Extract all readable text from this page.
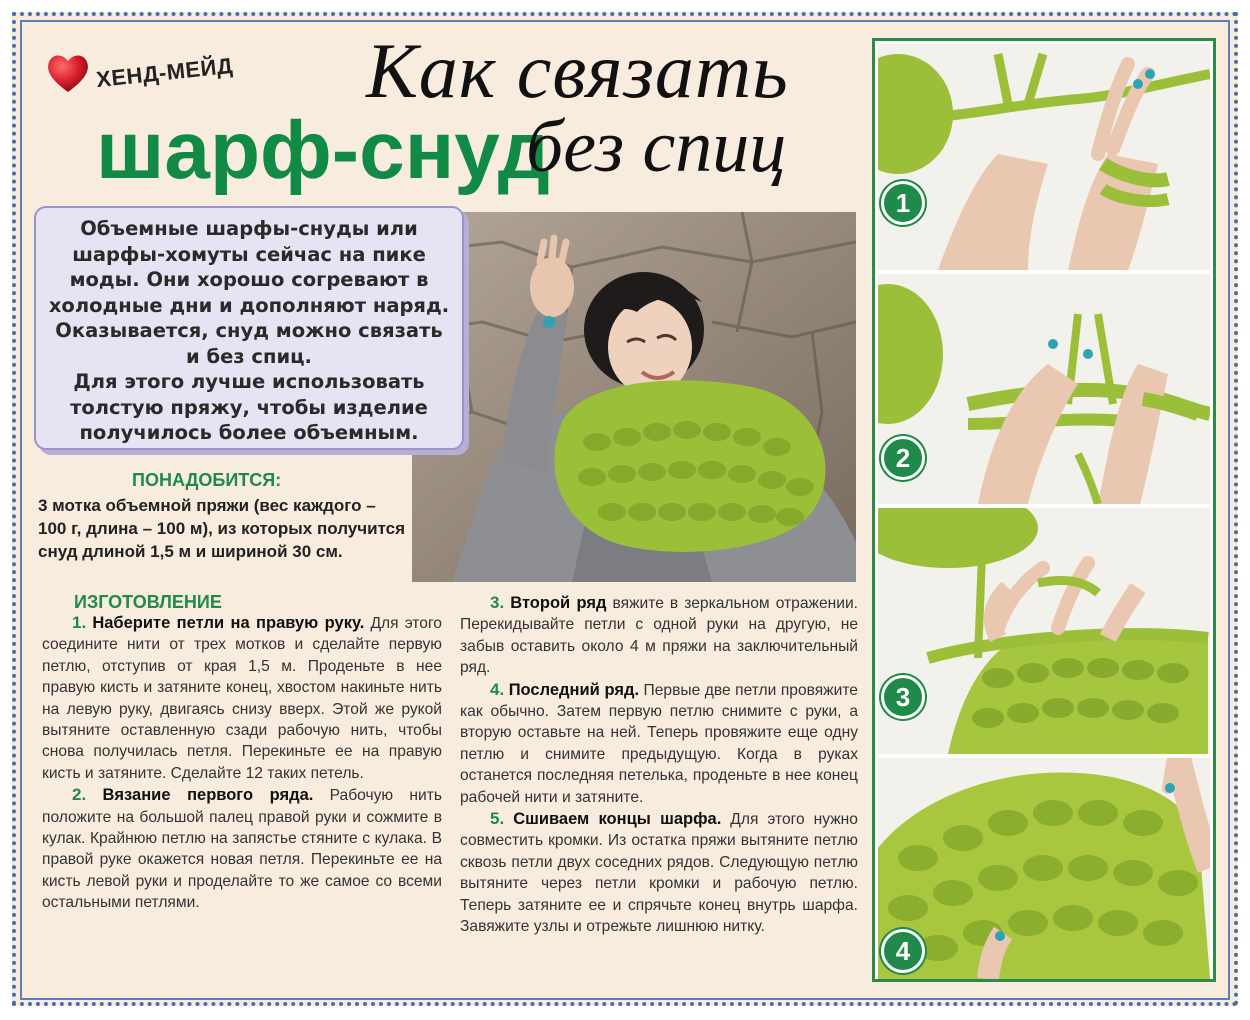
ХЕНД-МЕЙД Как связать
шарф-снуд
без спиц

Объемные шарфы-снуды или шарфы-хомуты сейчас на пике моды. Они хорошо согревают в холодные дни и дополняют наряд. Оказывается, снуд можно связать и без спиц.

Для этого лучше использовать толстую пряжу, чтобы изделие получилось более объемным.

ПОНАДОБИТСЯ:
3 мотка объемной пряжи (вес каждого – 100 г, длина – 100 м), из которых получится снуд длиной 1,5 м и шириной 30 см.
ИЗГОТОВЛЕНИЕ
1. Наберите петли на правую руку. Для этого соедините нити от трех мотков и сделайте первую петлю, отступив от края 1,5 м. Проденьте в нее правую кисть и затяните конец, хвостом накиньте нить на левую руку, двигаясь снизу вверх. Этой же рукой вытяните оставленную сзади рабочую нить, чтобы снова получилась петля. Перекиньте ее на правую кисть и затяните. Сделайте 12 таких петель.
2. Вязание первого ряда. Рабочую нить положите на большой палец правой руки и сожмите в кулак. Крайнюю петлю на запястье стяните с кулака. В правой руке окажется новая петля. Перекиньте ее на кисть левой руки и проделайте то же самое со всеми остальными петлями.
3. Второй ряд вяжите в зеркальном отражении. Перекидывайте петли с одной руки на другую, не забыв оставить около 4 м пряжи на заключительный ряд.
4. Последний ряд. Первые две петли провяжите как обычно. Затем первую петлю снимите с руки, а вторую оставьте на ней. Теперь провяжите еще одну петлю и снимите предыдущую. Когда в руках останется последняя петелька, проденьте в нее конец рабочей нити и затяните.
5. Сшиваем концы шарфа. Для этого нужно совместить кромки. Из остатка пряжи вытяните петлю сквозь петли двух соседних рядов. Следующую петлю вытяните через петли кромки и рабочую петлю. Теперь затяните ее и спрячьте конец внутрь шарфа. Завяжите узлы и отрежьте лишнюю нитку.
1
2
3
4
